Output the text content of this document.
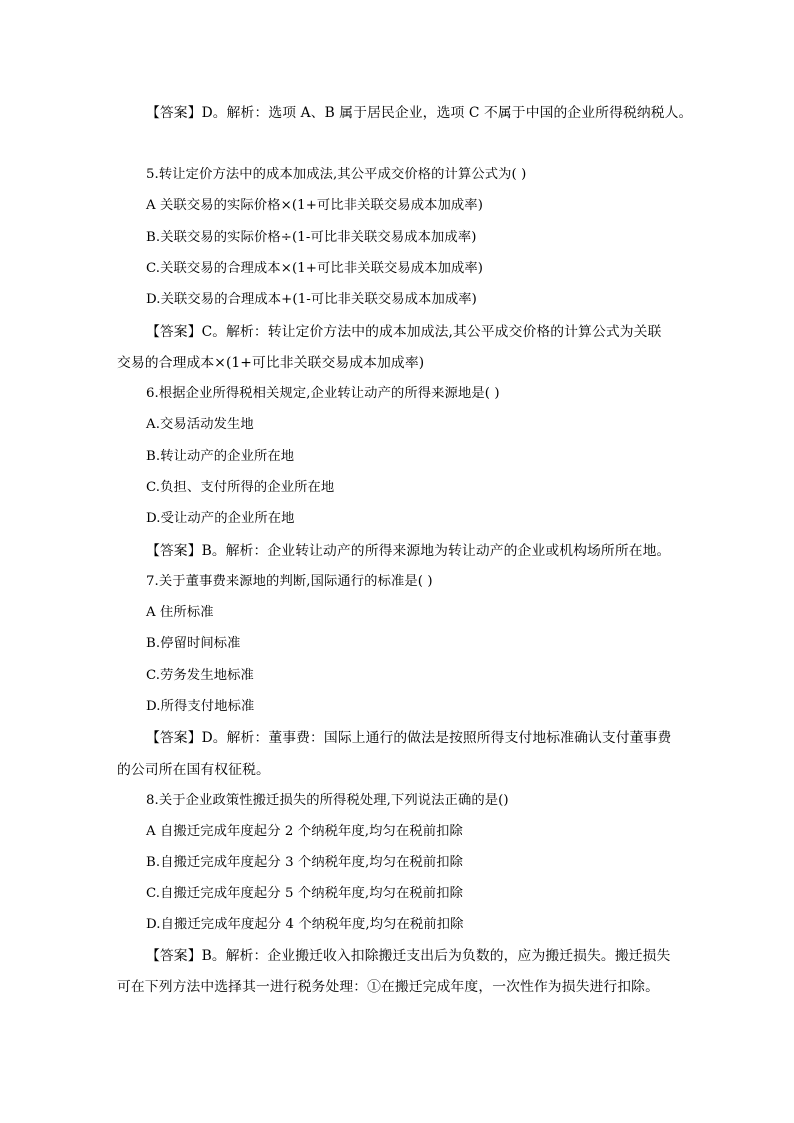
【答案】D。解析：选项 A、B 属于居民企业，选项 C 不属于中国的企业所得税纳税人。
5.转让定价方法中的成本加成法,其公平成交价格的计算公式为( )
A 关联交易的实际价格×(1+可比非关联交易成本加成率)
B.关联交易的实际价格÷(1-可比非关联交易成本加成率)
C.关联交易的合理成本×(1+可比非关联交易成本加成率)
D.关联交易的合理成本+(1-可比非关联交易成本加成率)
【答案】C。解析：转让定价方法中的成本加成法,其公平成交价格的计算公式为关联
交易的合理成本×(1+可比非关联交易成本加成率)
6.根据企业所得税相关规定,企业转让动产的所得来源地是( )
A.交易活动发生地
B.转让动产的企业所在地
C.负担、支付所得的企业所在地
D.受让动产的企业所在地
【答案】B。解析：企业转让动产的所得来源地为转让动产的企业或机构场所所在地。
7.关于董事费来源地的判断,国际通行的标准是( )
A 住所标准
B.停留时间标准
C.劳务发生地标准
D.所得支付地标准
【答案】D。解析：董事费：国际上通行的做法是按照所得支付地标准确认支付董事费
的公司所在国有权征税。
8.关于企业政策性搬迁损失的所得税处理,下列说法正确的是()
A 自搬迁完成年度起分 2 个纳税年度,均匀在税前扣除
B.自搬迁完成年度起分 3 个纳税年度,均匀在税前扣除
C.自搬迁完成年度起分 5 个纳税年度,均匀在税前扣除
D.自搬迁完成年度起分 4 个纳税年度,均匀在税前扣除
【答案】B。解析：企业搬迁收入扣除搬迁支出后为负数的，应为搬迁损失。搬迁损失
可在下列方法中选择其一进行税务处理：①在搬迁完成年度，一次性作为损失进行扣除。
